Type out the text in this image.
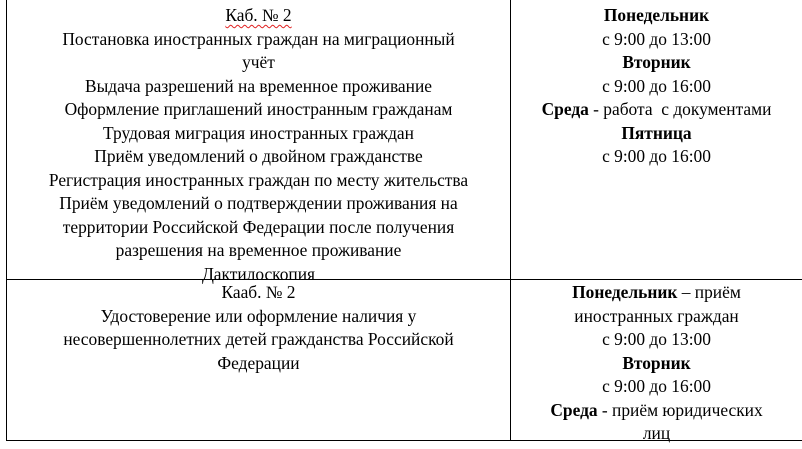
Каб. № 2
Постановка иностранных граждан на миграционный
учёт
Выдача разрешений на временное проживание
Оформление приглашений иностранным гражданам
Трудовая миграция иностранных граждан
Приём уведомлений о двойном гражданстве
Регистрация иностранных граждан по месту жительства
Приём уведомлений о подтверждении проживания на
территории Российской Федерации после получения
разрешения на временное проживание
Дактилоскопия
Понедельник
с 9:00 до 13:00
Вторник
с 9:00 до 16:00
Среда - работа  с документами
Пятница
с 9:00 до 16:00
Кааб. № 2
Удостоверение или оформление наличия у
несовершеннолетних детей гражданства Российской
Федерации
Понедельник – приём
иностранных граждан
с 9:00 до 13:00
Вторник
с 9:00 до 16:00
Среда - приём юридических
лиц
